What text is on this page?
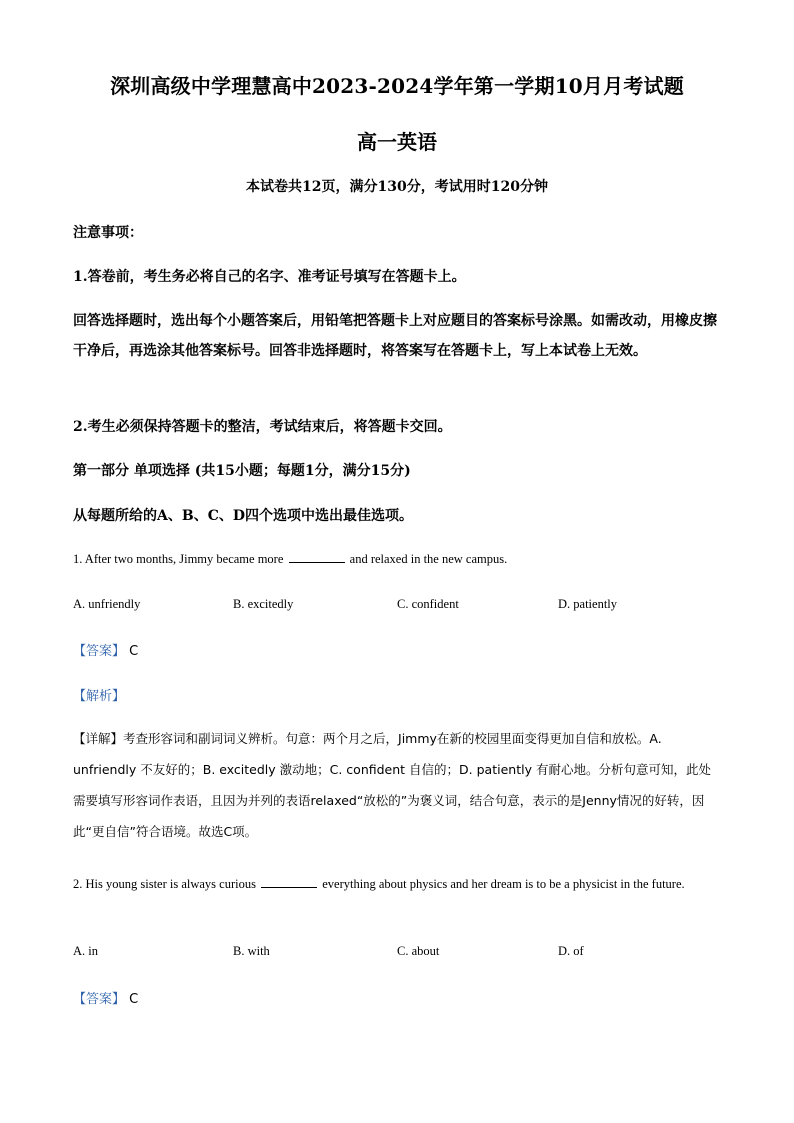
深圳高级中学理慧高中2023-2024学年第一学期10月月考试题
高一英语
本试卷共12页，满分130分，考试用时120分钟
注意事项：
1.答卷前，考生务必将自己的名字、准考证号填写在答题卡上。
回答选择题时，选出每个小题答案后，用铅笔把答题卡上对应题目的答案标号涂黑。如需改动，用橡皮擦干净后，再选涂其他答案标号。回答非选择题时，将答案写在答题卡上，写上本试卷上无效。
2.考生必须保持答题卡的整洁，考试结束后，将答题卡交回。
第一部分 单项选择 (共15小题；每题1分，满分15分)
从每题所给的A、B、C、D四个选项中选出最佳选项。
1. After two months, Jimmy became more	and relaxed in the new campus.
A. unfriendly	B. excitedly	C. confident	D. patiently
【答案】 C
【解析】
【详解】考查形容词和副词词义辨析。句意：两个月之后，Jimmy在新的校园里面变得更加自信和放松。A. unfriendly 不友好的；B. excitedly 激动地；C. confident 自信的；D. patiently 有耐心地。分析句意可知，此处需要填写形容词作表语，且因为并列的表语relaxed“放松的”为褒义词，结合句意，表示的是Jenny情况的好转，因此“更自信”符合语境。故选C项。
2. His young sister is always curious	everything about physics and her dream is to be a physicist in the future.
A. in	B. with	C. about	D. of
【答案】 C
